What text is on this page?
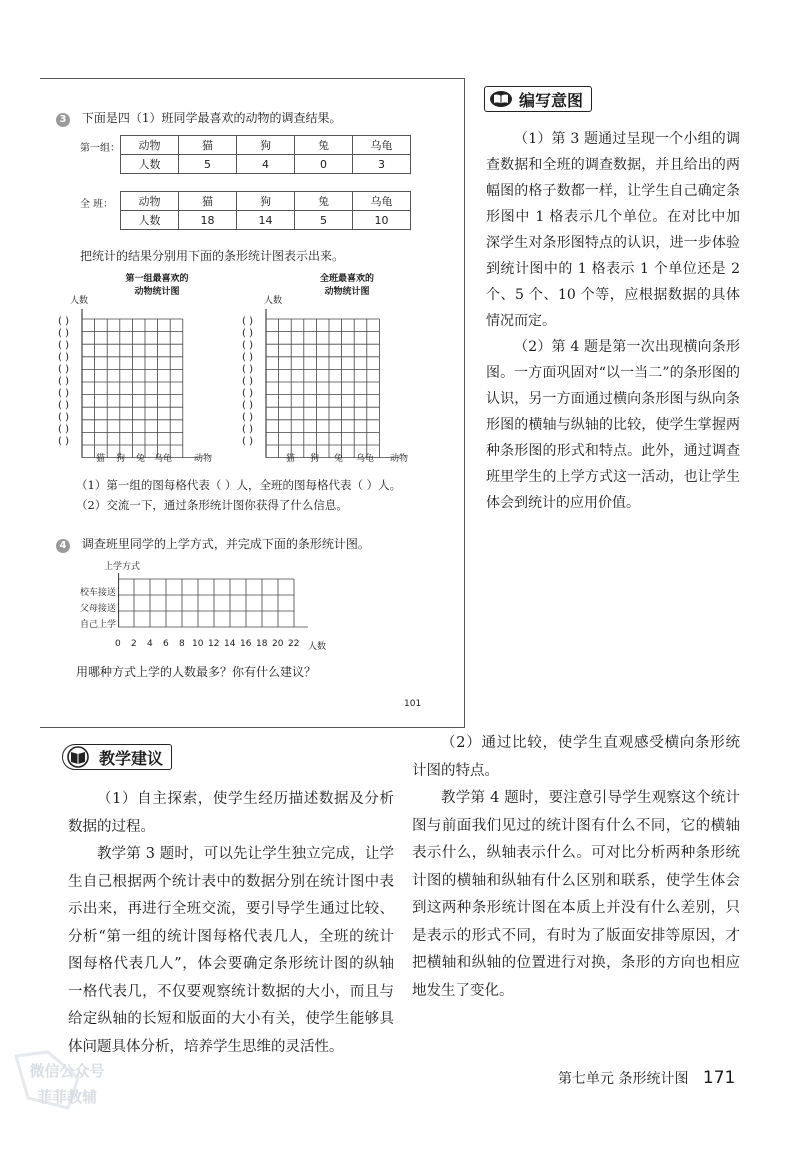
3 下面是四（1）班同学最喜欢的动物的调查结果。
第一组： 动物	猫	狗	兔	乌龟
人数	5	4	0	3
全 班： 动物	猫	狗	兔	乌龟
人数	18	14	5	10
把统计的结果分别用下面的条形统计图表示出来。
第一组最喜欢的
动物统计图
人数
( )
( )
( )
( )
( )
( )
( )
( )
( )
( )
( )
猫 狗 兔 乌龟 动物
全班最喜欢的
动物统计图
人数
( )
( )
( )
( )
( )
( )
( )
( )
( )
( )
( )
猫 狗 兔 乌龟 动物
（1）第一组的图每格代表（ ）人，全班的图每格代表（ ）人。
（2）交流一下，通过条形统计图你获得了什么信息。
4 调查班里同学的上学方式，并完成下面的条形统计图。
上学方式
校车接送
父母接送
自己上学
0 2 4 6 8 10 12 14 16 18 20 22 人数
用哪种方式上学的人数最多？你有什么建议？
101
编写意图

（1）第 3 题通过呈现一个小组的调查数据和全班的调查数据，并且给出的两幅图的格子数都一样，让学生自己确定条形图中 1 格表示几个单位。在对比中加深学生对条形图特点的认识，进一步体验到统计图中的 1 格表示 1 个单位还是 2 个、5 个、10 个等，应根据数据的具体情况而定。

（2）第 4 题是第一次出现横向条形图。一方面巩固对“以一当二”的条形图的认识，另一方面通过横向条形图与纵向条形图的横轴与纵轴的比较，使学生掌握两种条形图的形式和特点。此外，通过调查班里学生的上学方式这一活动，也让学生体会到统计的应用价值。

教学建议

（1）自主探索，使学生经历描述数据及分析数据的过程。

教学第 3 题时，可以先让学生独立完成，让学生自己根据两个统计表中的数据分别在统计图中表示出来，再进行全班交流，要引导学生通过比较、分析“第一组的统计图每格代表几人，全班的统计图每格代表几人”，体会要确定条形统计图的纵轴一格代表几，不仅要观察统计数据的大小，而且与给定纵轴的长短和版面的大小有关，使学生能够具体问题具体分析，培养学生思维的灵活性。

（2）通过比较，使学生直观感受横向条形统计图的特点。

教学第 4 题时，要注意引导学生观察这个统计图与前面我们见过的统计图有什么不同，它的横轴表示什么，纵轴表示什么。可对比分析两种条形统计图的横轴和纵轴有什么区别和联系，使学生体会到这两种条形统计图在本质上并没有什么差别，只是表示的形式不同，有时为了版面安排等原因，才把横轴和纵轴的位置进行对换，条形的方向也相应地发生了变化。

第七单元 条形统计图 171
微信公众号
菲菲教辅
